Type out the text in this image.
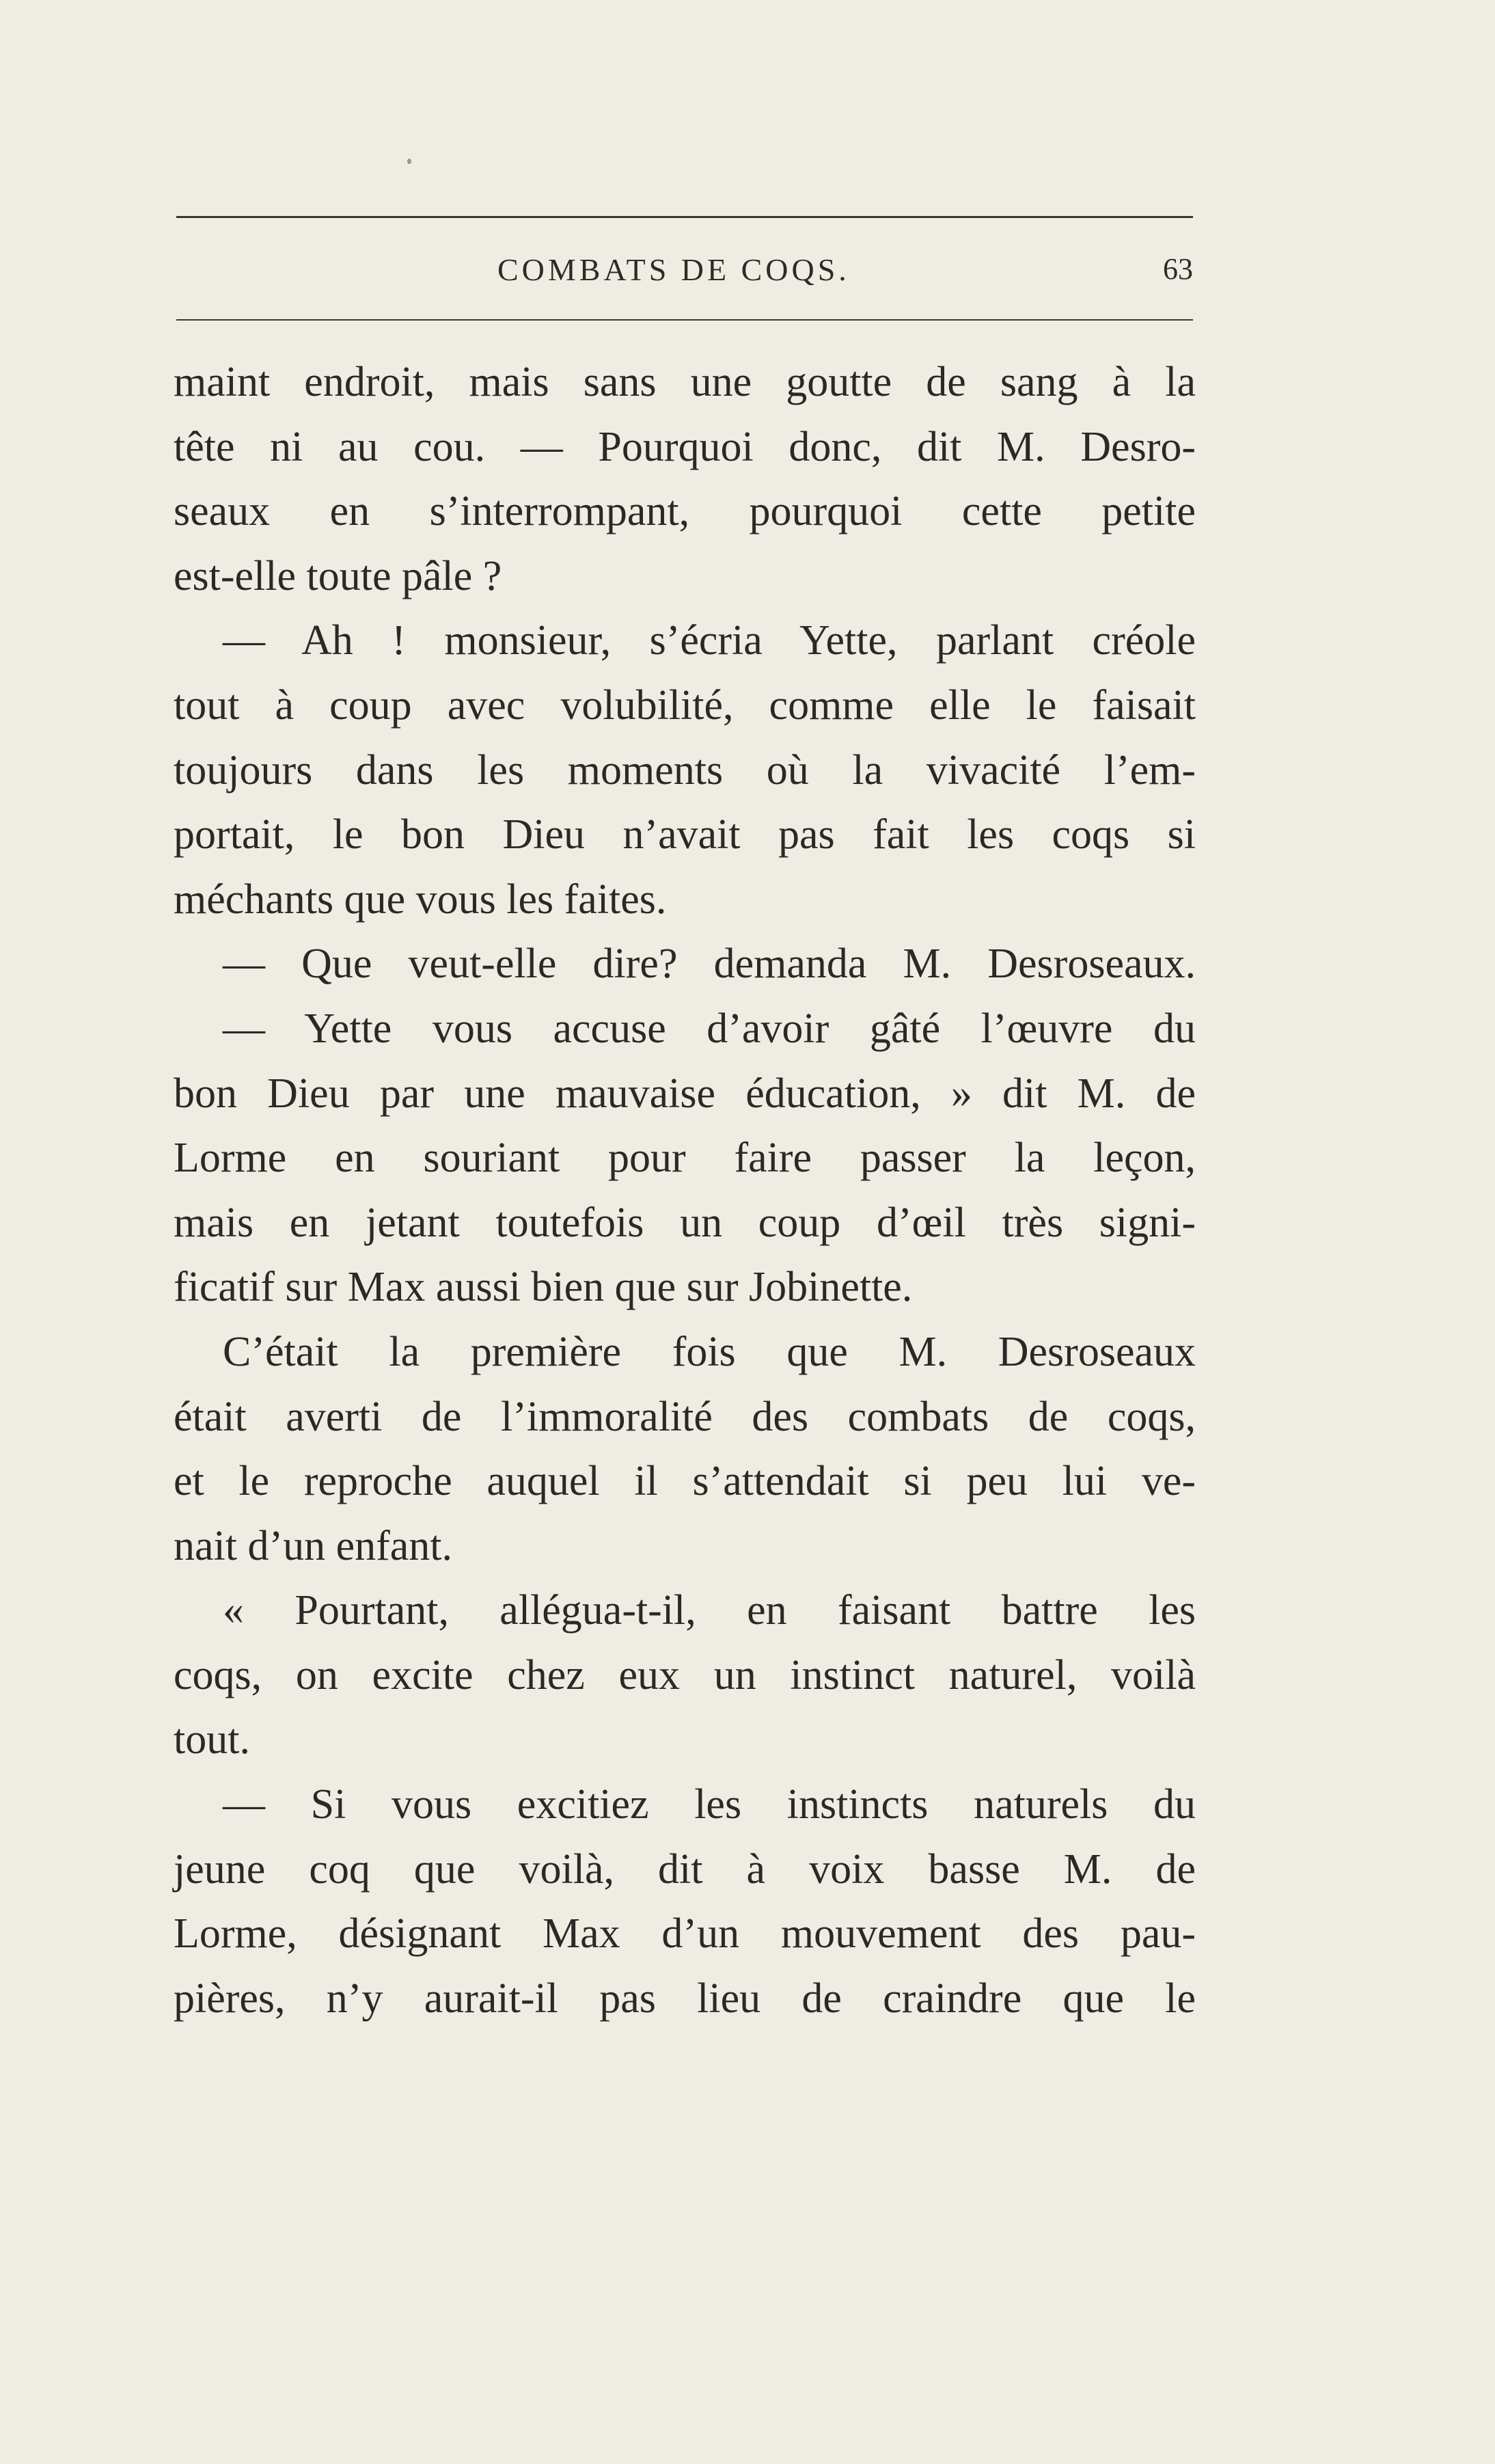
COMBATS DE COQS.	63
maint endroit, mais sans une goutte de sang à la
tête ni au cou. — Pourquoi donc, dit M. Desro-
seaux en s’interrompant, pourquoi cette petite
est-elle toute pâle ?
— Ah ! monsieur, s’écria Yette, parlant créole
tout à coup avec volubilité, comme elle le faisait
toujours dans les moments où la vivacité l’em-
portait, le bon Dieu n’avait pas fait les coqs si
méchants que vous les faites.
— Que veut-elle dire? demanda M. Desroseaux.
— Yette vous accuse d’avoir gâté l’œuvre du
bon Dieu par une mauvaise éducation, » dit M. de
Lorme en souriant pour faire passer la leçon,
mais en jetant toutefois un coup d’œil très signi-
ficatif sur Max aussi bien que sur Jobinette.
C’était la première fois que M. Desroseaux
était averti de l’immoralité des combats de coqs,
et le reproche auquel il s’attendait si peu lui ve-
nait d’un enfant.
« Pourtant, allégua-t-il, en faisant battre les
coqs, on excite chez eux un instinct naturel, voilà
tout.
— Si vous excitiez les instincts naturels du
jeune coq que voilà, dit à voix basse M. de
Lorme, désignant Max d’un mouvement des pau-
pières, n’y aurait-il pas lieu de craindre que le
